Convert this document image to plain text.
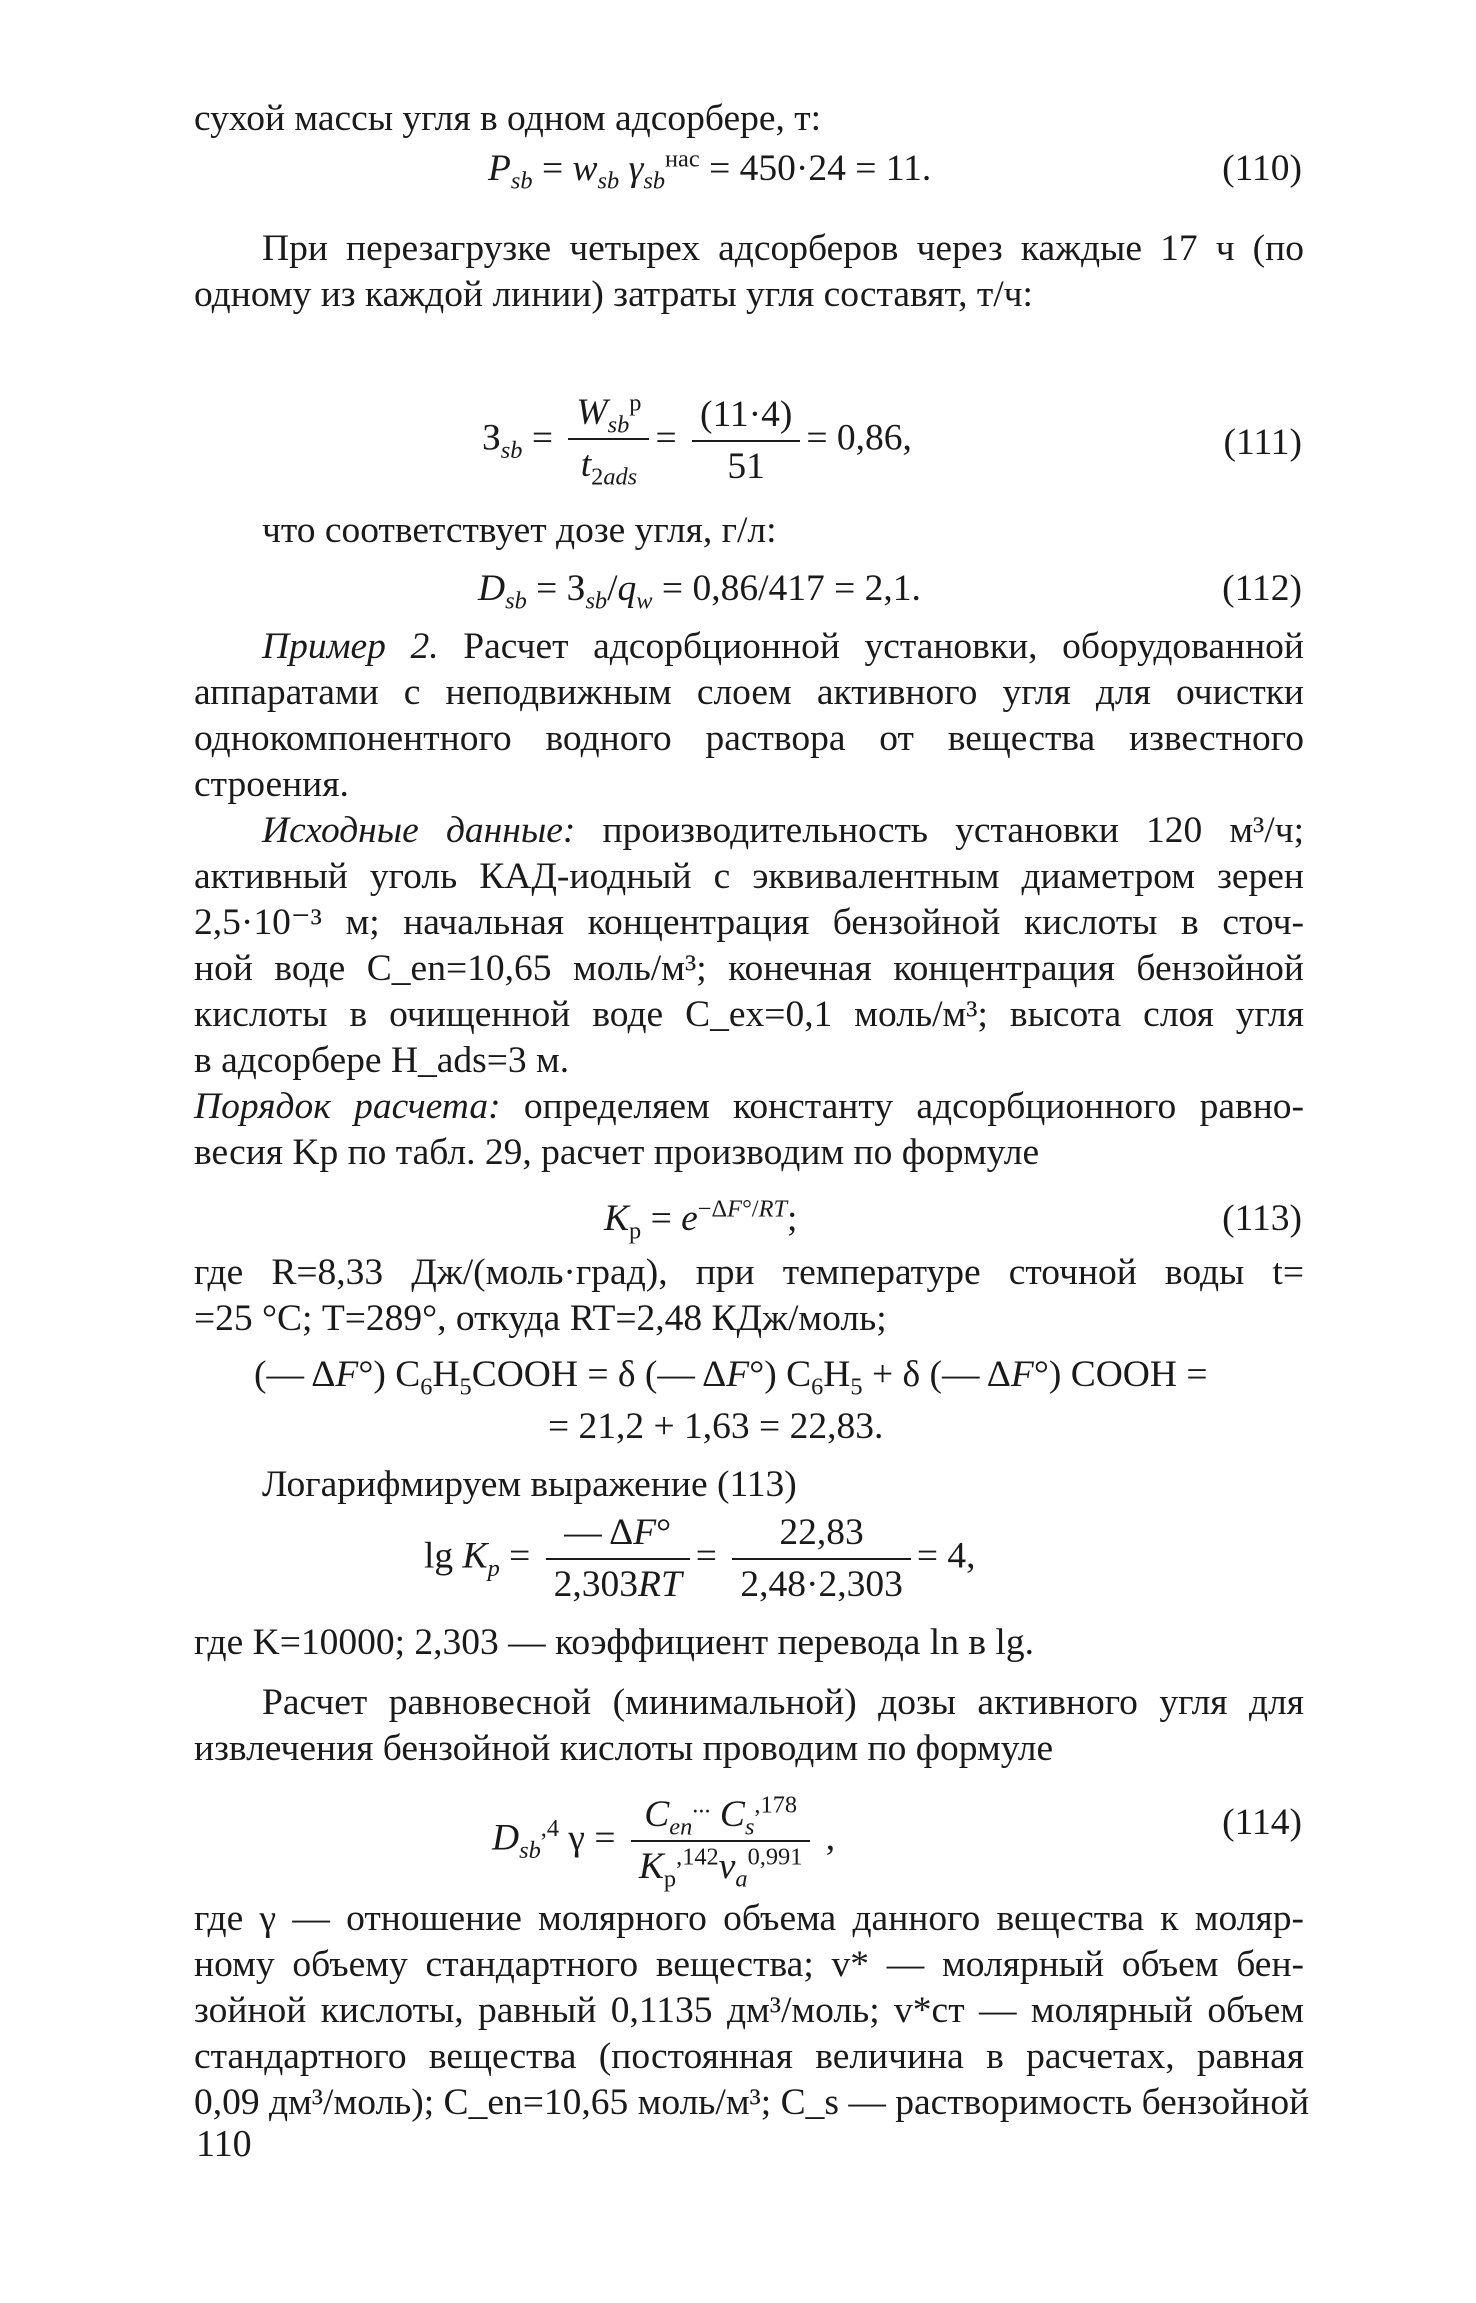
сухой массы угля в одном адсорбере, т:
$P_{sb} = w_{sb}$ $\gamma_{sb}^{нас} = 450\cdot 24 = 11$.	(110)
При перезагрузке четырех адсорберов через каждые 17 ч (по
одному из каждой линии) затраты угля составят, т/ч:
$З_{sb} = \frac{W_{sb}^p}{t_{2ads}} = \frac{(11\cdot 4)}{51} = 0,86$,	(111)
что соответствует дозе угля, г/л:
$D_{sb} = З_{sb}/q_w = 0,86/417 = 2,1$.	(112)
Пример 2. Расчет адсорбционной установки, оборудованной
аппаратами с неподвижным слоем активного угля для очистки
однокомпонентного водного раствора от вещества известного
строения.
Исходные данные: производительность установки 120 м³/ч;
активный уголь КАД-иодный с эквивалентным диаметром зерен
2,5·10⁻³ м; начальная концентрация бензойной кислоты в сточ-
ной воде C_en=10,65 моль/м³; конечная концентрация бензойной
кислоты в очищенной воде C_ex=0,1 моль/м³; высота слоя угля
в адсорбере H_ads=3 м.
Порядок расчета: определяем константу адсорбционного равно-
весия Kр по табл. 29, расчет производим по формуле
$K_р = e^{-\Delta F^\circ/RT}$;	(113)
где R=8,33 Дж/(моль·град), при температуре сточной воды t=
=25 °С; T=289°, откуда RT=2,48 КДж/моль;
(— ΔF°) $C_6H_5COOH = \delta$ (— ΔF°) $C_6H_5 + \delta$ (— ΔF°) COOH =
= 21,2 + 1,63 = 22,83.
Логарифмируем выражение (113)
$\lg K_p = \frac{— \Delta F^\circ}{2,303RT} = \frac{22,83}{2,48\cdot 2,303} = 4$,
где K=10000; 2,303 — коэффициент перевода ln в lg.
Расчет равновесной (минимальной) дозы активного угля для
извлечения бензойной кислоты проводим по формуле
$D_{sb}^{,4}$ $\gamma = \frac{C_{en}^{...} C_s^{,178}}{K_р^{,142}v_a^{0,991}}$ ,	(114)
где γ — отношение молярного объема данного вещества к моляр-
ному объему стандартного вещества; v* — молярный объем бен-
зойной кислоты, равный 0,1135 дм³/моль; v*ст — молярный объем
стандартного вещества (постоянная величина в расчетах, равная
0,09 дм³/моль); C_en=10,65 моль/м³; C_s — растворимость бензойной
110
